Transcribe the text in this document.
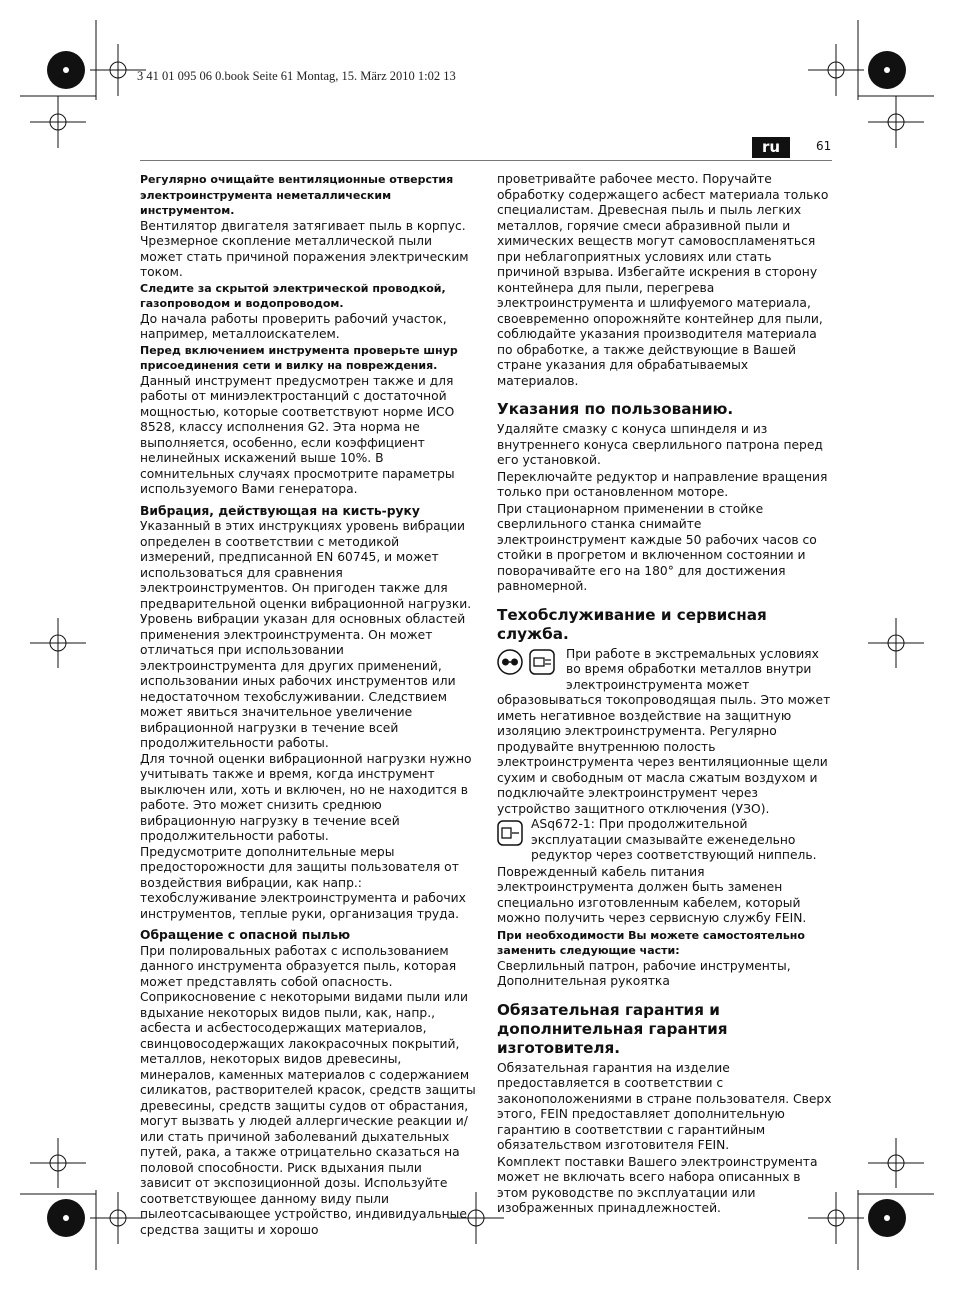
3 41 01 095 06 0.book Seite 61 Montag, 15. März 2010 1:02 13
ru	61

Регулярно очищайте вентиляционные отверстия электроинструмента неметаллическим инструментом.

Вентилятор двигателя затягивает пыль в корпус. Чрезмерное скопление металлической пыли может стать причиной поражения электрическим током.

Следите за скрытой электрической проводкой, газопроводом и водопроводом.

До начала работы проверить рабочий участок, например, металлоискателем.

Перед включением инструмента проверьте шнур присоединения сети и вилку на повреждения.

Данный инструмент предусмотрен также и для работы от миниэлектростанций с достаточной мощностью, которые соответствуют норме ИСО 8528, классу исполнения G2. Эта норма не выполняется, особенно, если коэффициент нелинейных искажений выше 10%. В сомнительных случаях просмотрите параметры используемого Вами генератора.

Вибрация, действующая на кисть-руку

Указанный в этих инструкциях уровень вибрации определен в соответствии с методикой измерений, предписанной EN 60745, и может использоваться для сравнения электроинструментов. Он пригоден также для предварительной оценки вибрационной нагрузки. Уровень вибрации указан для основных областей применения электроинструмента. Он может отличаться при использовании электроинструмента для других применений, использовании иных рабочих инструментов или недостаточном техобслуживании. Следствием может явиться значительное увеличение вибрационной нагрузки в течение всей продолжительности работы.

Для точной оценки вибрационной нагрузки нужно учитывать также и время, когда инструмент выключен или, хоть и включен, но не находится в работе. Это может снизить среднюю вибрационную нагрузку в течение всей продолжительности работы.

Предусмотрите дополнительные меры предосторожности для защиты пользователя от воздействия вибрации, как напр.: техобслуживание электроинструмента и рабочих инструментов, теплые руки, организация труда.

Обращение с опасной пылью

При полировальных работах с использованием данного инструмента образуется пыль, которая может представлять собой опасность.

Соприкосновение с некоторыми видами пыли или вдыхание некоторых видов пыли, как, напр., асбеста и асбестосодержащих материалов, свинцовосодержащих лакокрасочных покрытий, металлов, некоторых видов древесины, минералов, каменных материалов с содержанием силикатов, растворителей красок, средств защиты древесины, средств защиты судов от обрастания, могут вызвать у людей аллергические реакции и/или стать причиной заболеваний дыхательных путей, рака, а также отрицательно сказаться на половой способности. Риск вдыхания пыли зависит от экспозиционной дозы. Используйте соответствующее данному виду пыли пылеотсасывающее устройство, индивидуальные средства защиты и хорошо

проветривайте рабочее место. Поручайте обработку содержащего асбест материала только специалистам. Древесная пыль и пыль легких металлов, горячие смеси абразивной пыли и химических веществ могут самовоспламеняться при неблагоприятных условиях или стать причиной взрыва. Избегайте искрения в сторону контейнера для пыли, перегрева электроинструмента и шлифуемого материала, своевременно опорожняйте контейнер для пыли, соблюдайте указания производителя материала по обработке, а также действующие в Вашей стране указания для обрабатываемых материалов.

Указания по пользованию.

Удаляйте смазку с конуса шпинделя и из внутреннего конуса сверлильного патрона перед его установкой.

Переключайте редуктор и направление вращения только при остановленном моторе.

При стационарном применении в стойке сверлильного станка снимайте электроинструмент каждые 50 рабочих часов со стойки в прогретом и включенном состоянии и поворачивайте его на 180° для достижения равномерной.

Техобслуживание и сервисная служба.

При работе в экстремальных условиях во время обработки металлов внутри электроинструмента может

образовываться токопроводящая пыль. Это может иметь негативное воздействие на защитную изоляцию электроинструмента. Регулярно продувайте внутреннюю полость электроинструмента через вентиляционные щели сухим и свободным от масла сжатым воздухом и подключайте электроинструмент через устройство защитного отключения (УЗО).

ASq672-1: При продолжительной эксплуатации смазывайте еженедельно редуктор через соответствующий ниппель.

Поврежденный кабель питания электроинструмента должен быть заменен специально изготовленным кабелем, который можно получить через сервисную службу FEIN.

При необходимости Вы можете самостоятельно заменить следующие части:

Сверлильный патрон, рабочие инструменты, Дополнительная рукоятка

Обязательная гарантия и дополнительная гарантия изготовителя.

Обязательная гарантия на изделие предоставляется в соответствии с законоположениями в стране пользователя. Сверх этого, FEIN предоставляет дополнительную гарантию в соответствии с гарантийным обязательством изготовителя FEIN.

Комплект поставки Вашего электроинструмента может не включать всего набора описанных в этом руководстве по эксплуатации или изображенных принадлежностей.
